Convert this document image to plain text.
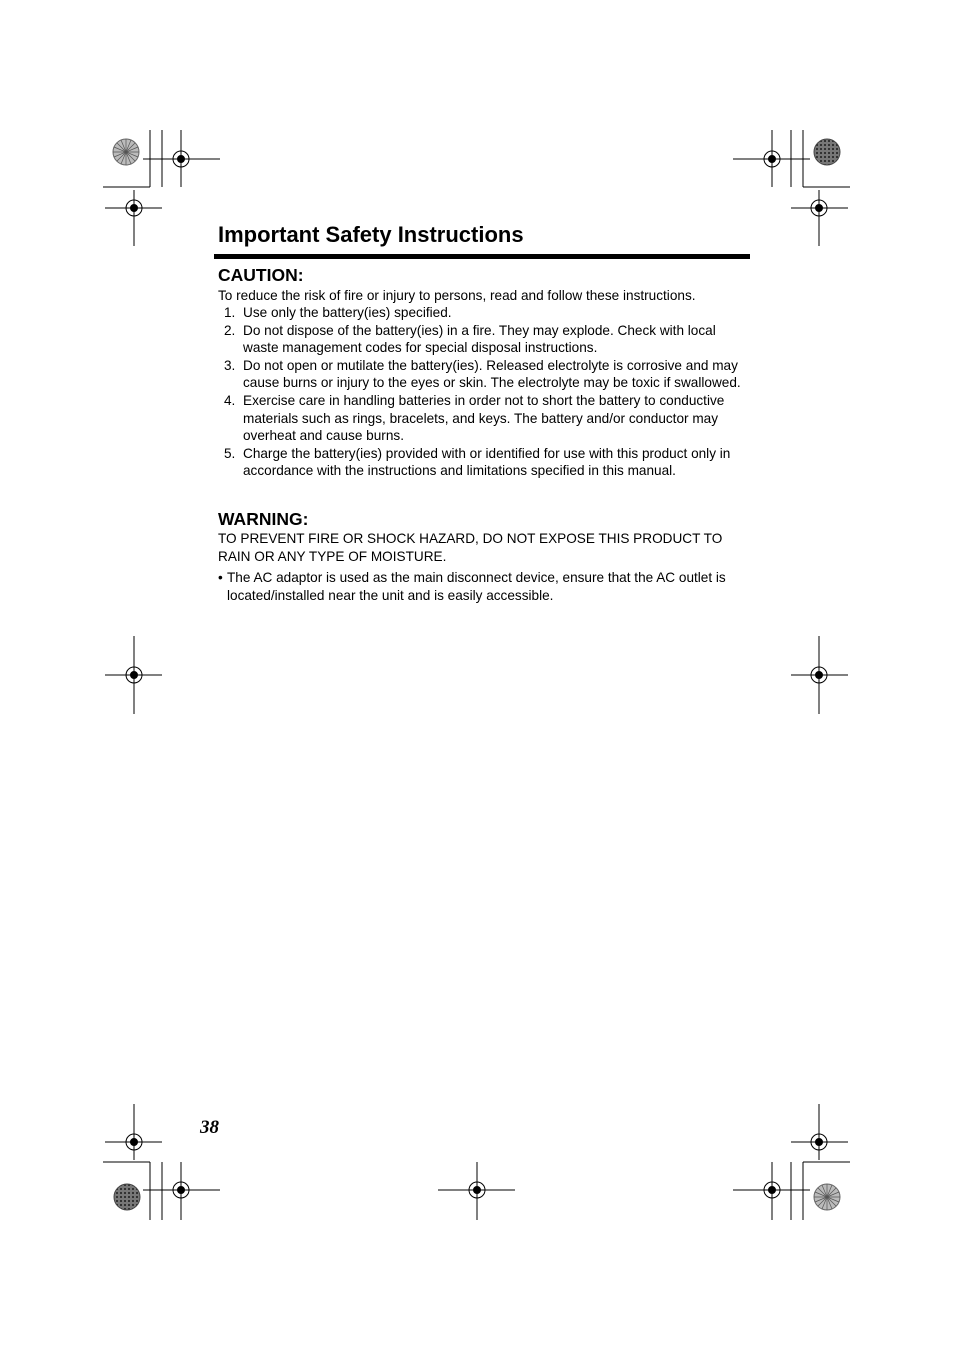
Important Safety Instructions
CAUTION:
To reduce the risk of fire or injury to persons, read and follow these instructions.
1. Use only the battery(ies) specified.
2. Do not dispose of the battery(ies) in a fire. They may explode. Check with local waste management codes for special disposal instructions.
3. Do not open or mutilate the battery(ies). Released electrolyte is corrosive and may cause burns or injury to the eyes or skin. The electrolyte may be toxic if swallowed.
4. Exercise care in handling batteries in order not to short the battery to conductive materials such as rings, bracelets, and keys. The battery and/or conductor may overheat and cause burns.
5. Charge the battery(ies) provided with or identified for use with this product only in accordance with the instructions and limitations specified in this manual.
WARNING:
TO PREVENT FIRE OR SHOCK HAZARD, DO NOT EXPOSE THIS PRODUCT TO RAIN OR ANY TYPE OF MOISTURE.
• The AC adaptor is used as the main disconnect device, ensure that the AC outlet is located/installed near the unit and is easily accessible.
38
